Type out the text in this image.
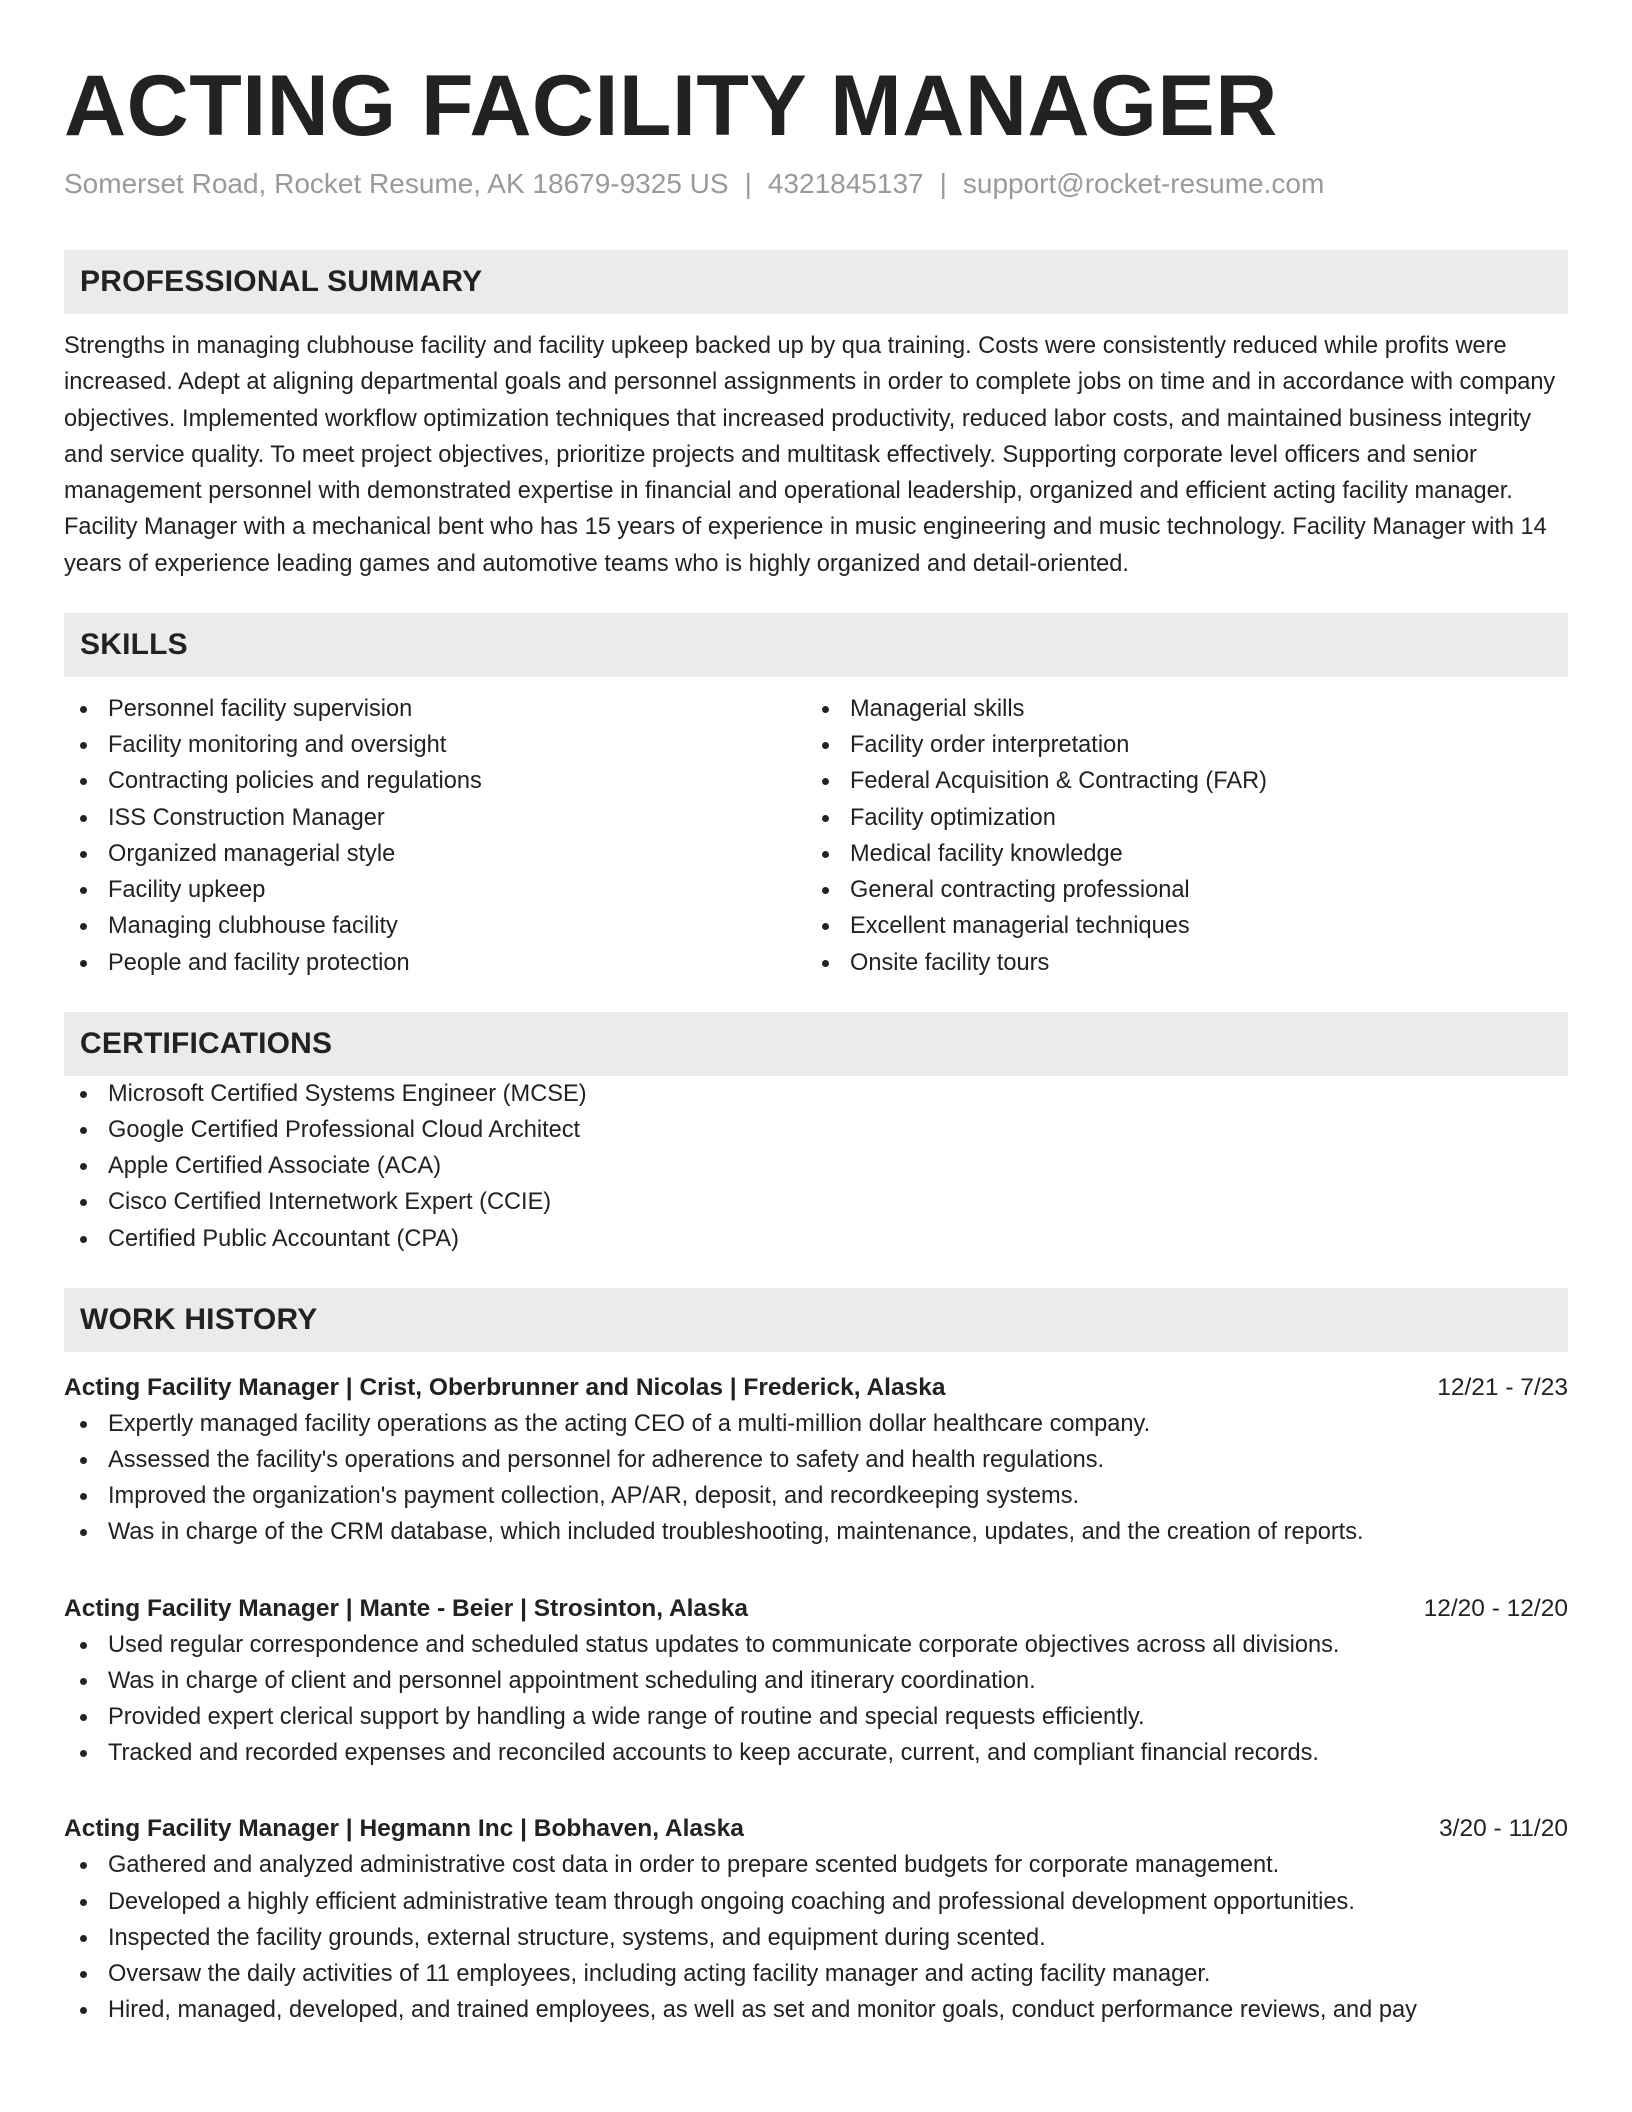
ACTING FACILITY MANAGER
Somerset Road, Rocket Resume, AK 18679-9325 US | 4321845137 | support@rocket-resume.com
PROFESSIONAL SUMMARY

Strengths in managing clubhouse facility and facility upkeep backed up by qua training. Costs were consistently reduced while profits were increased. Adept at aligning departmental goals and personnel assignments in order to complete jobs on time and in accordance with company objectives. Implemented workflow optimization techniques that increased productivity, reduced labor costs, and maintained business integrity and service quality. To meet project objectives, prioritize projects and multitask effectively. Supporting corporate level officers and senior management personnel with demonstrated expertise in financial and operational leadership, organized and efficient acting facility manager. Facility Manager with a mechanical bent who has 15 years of experience in music engineering and music technology. Facility Manager with 14 years of experience leading games and automotive teams who is highly organized and detail-oriented.

SKILLS
Personnel facility supervision
Facility monitoring and oversight
Contracting policies and regulations
ISS Construction Manager
Organized managerial style
Facility upkeep
Managing clubhouse facility
People and facility protection
Managerial skills
Facility order interpretation
Federal Acquisition & Contracting (FAR)
Facility optimization
Medical facility knowledge
General contracting professional
Excellent managerial techniques
Onsite facility tours
CERTIFICATIONS
Microsoft Certified Systems Engineer (MCSE)
Google Certified Professional Cloud Architect
Apple Certified Associate (ACA)
Cisco Certified Internetwork Expert (CCIE)
Certified Public Accountant (CPA)
WORK HISTORY
Acting Facility Manager | Crist, Oberbrunner and Nicolas | Frederick, Alaska	12/21 - 7/23
Expertly managed facility operations as the acting CEO of a multi-million dollar healthcare company.
Assessed the facility's operations and personnel for adherence to safety and health regulations.
Improved the organization's payment collection, AP/AR, deposit, and recordkeeping systems.
Was in charge of the CRM database, which included troubleshooting, maintenance, updates, and the creation of reports.
Acting Facility Manager | Mante - Beier | Strosinton, Alaska	12/20 - 12/20
Used regular correspondence and scheduled status updates to communicate corporate objectives across all divisions.
Was in charge of client and personnel appointment scheduling and itinerary coordination.
Provided expert clerical support by handling a wide range of routine and special requests efficiently.
Tracked and recorded expenses and reconciled accounts to keep accurate, current, and compliant financial records.
Acting Facility Manager | Hegmann Inc | Bobhaven, Alaska	3/20 - 11/20
Gathered and analyzed administrative cost data in order to prepare scented budgets for corporate management.
Developed a highly efficient administrative team through ongoing coaching and professional development opportunities.
Inspected the facility grounds, external structure, systems, and equipment during scented.
Oversaw the daily activities of 11 employees, including acting facility manager and acting facility manager.
Hired, managed, developed, and trained employees, as well as set and monitor goals, conduct performance reviews, and pay
